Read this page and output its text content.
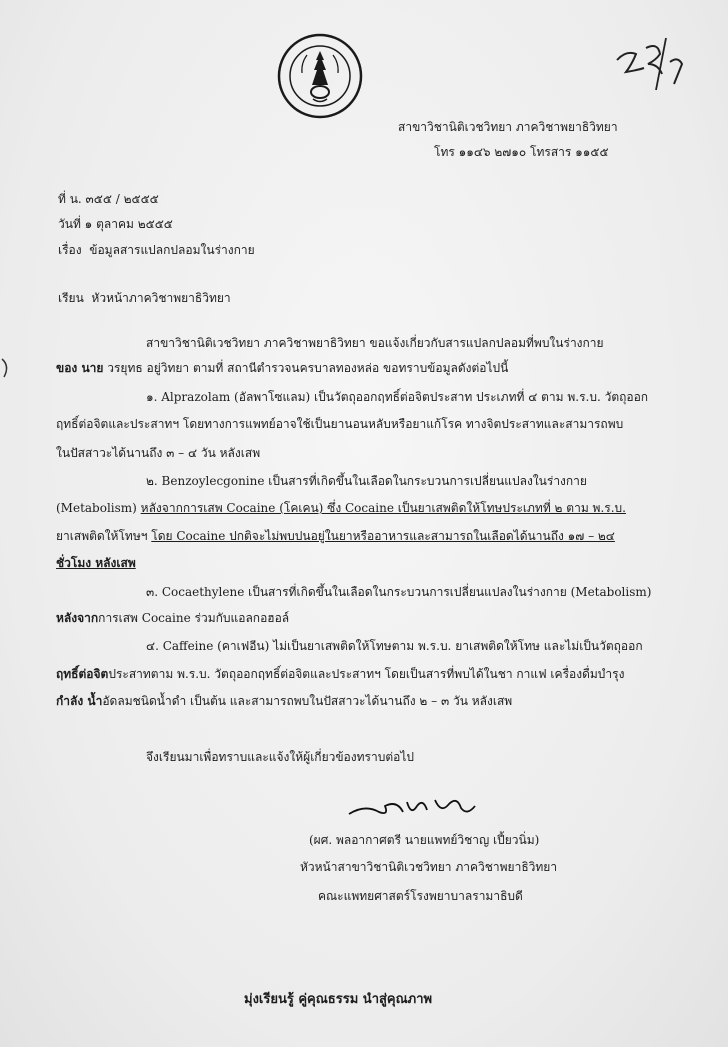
สาขาวิชานิติเวชวิทยา ภาควิชาพยาธิวิทยา
โทร ๑๑๔๖ ๒๗๑๐ โทรสาร ๑๑๕๕
ที่ น. ๓๕๕ / ๒๕๕๕
วันที่ ๑ ตุลาคม ๒๕๕๕
เรื่อง ข้อมูลสารแปลกปลอมในร่างกาย
เรียน หัวหน้าภาควิชาพยาธิวิทยา
สาขาวิชานิติเวชวิทยา ภาควิชาพยาธิวิทยา ขอแจ้งเกี่ยวกับสารแปลกปลอมที่พบในร่างกาย
ของ นาย วรยุทธ อยู่วิทยา ตามที่ สถานีตำรวจนครบาลทองหล่อ ขอทราบข้อมูลดังต่อไปนี้
๑. Alprazolam (อัลพาโซแลม) เป็นวัตถุออกฤทธิ์ต่อจิตประสาท ประเภทที่ ๔ ตาม พ.ร.บ. วัตถุออก
ฤทธิ์ต่อจิตและประสาทฯ โดยทางการแพทย์อาจใช้เป็นยานอนหลับหรือยาแก้โรค ทางจิตประสาทและสามารถพบ
ในปัสสาวะได้นานถึง ๓ – ๔ วัน หลังเสพ
๒. Benzoylecgonine เป็นสารที่เกิดขึ้นในเลือดในกระบวนการเปลี่ยนแปลงในร่างกาย
(Metabolism) หลังจากการเสพ Cocaine (โคเคน) ซึ่ง Cocaine เป็นยาเสพติดให้โทษประเภทที่ ๒ ตาม พ.ร.บ.
ยาเสพติดให้โทษฯ โดย Cocaine ปกติจะไม่พบปนอยู่ในยาหรืออาหารและสามารถในเลือดได้นานถึง ๑๗ – ๒๔
ชั่วโมง หลังเสพ
๓. Cocaethylene เป็นสารที่เกิดขึ้นในเลือดในกระบวนการเปลี่ยนแปลงในร่างกาย (Metabolism)
หลังจากการเสพ Cocaine ร่วมกับแอลกอฮอล์
๔. Caffeine (คาเฟอีน) ไม่เป็นยาเสพติดให้โทษตาม พ.ร.บ. ยาเสพติดให้โทษ และไม่เป็นวัตถุออก
ฤทธิ์ต่อจิตประสาทตาม พ.ร.บ. วัตถุออกฤทธิ์ต่อจิตและประสาทฯ โดยเป็นสารที่พบได้ในชา กาแฟ เครื่องดื่มบำรุง
กำลัง น้ำอัดลมชนิดน้ำดำ เป็นต้น และสามารถพบในปัสสาวะได้นานถึง ๒ – ๓ วัน หลังเสพ
จึงเรียนมาเพื่อทราบและแจ้งให้ผู้เกี่ยวข้องทราบต่อไป
(ผศ. พลอากาศตรี นายแพทย์วิชาญ เปี้ยวนิ่ม)
หัวหน้าสาขาวิชานิติเวชวิทยา ภาควิชาพยาธิวิทยา
คณะแพทยศาสตร์โรงพยาบาลรามาธิบดี
มุ่งเรียนรู้ คู่คุณธรรม นำสู่คุณภาพ
